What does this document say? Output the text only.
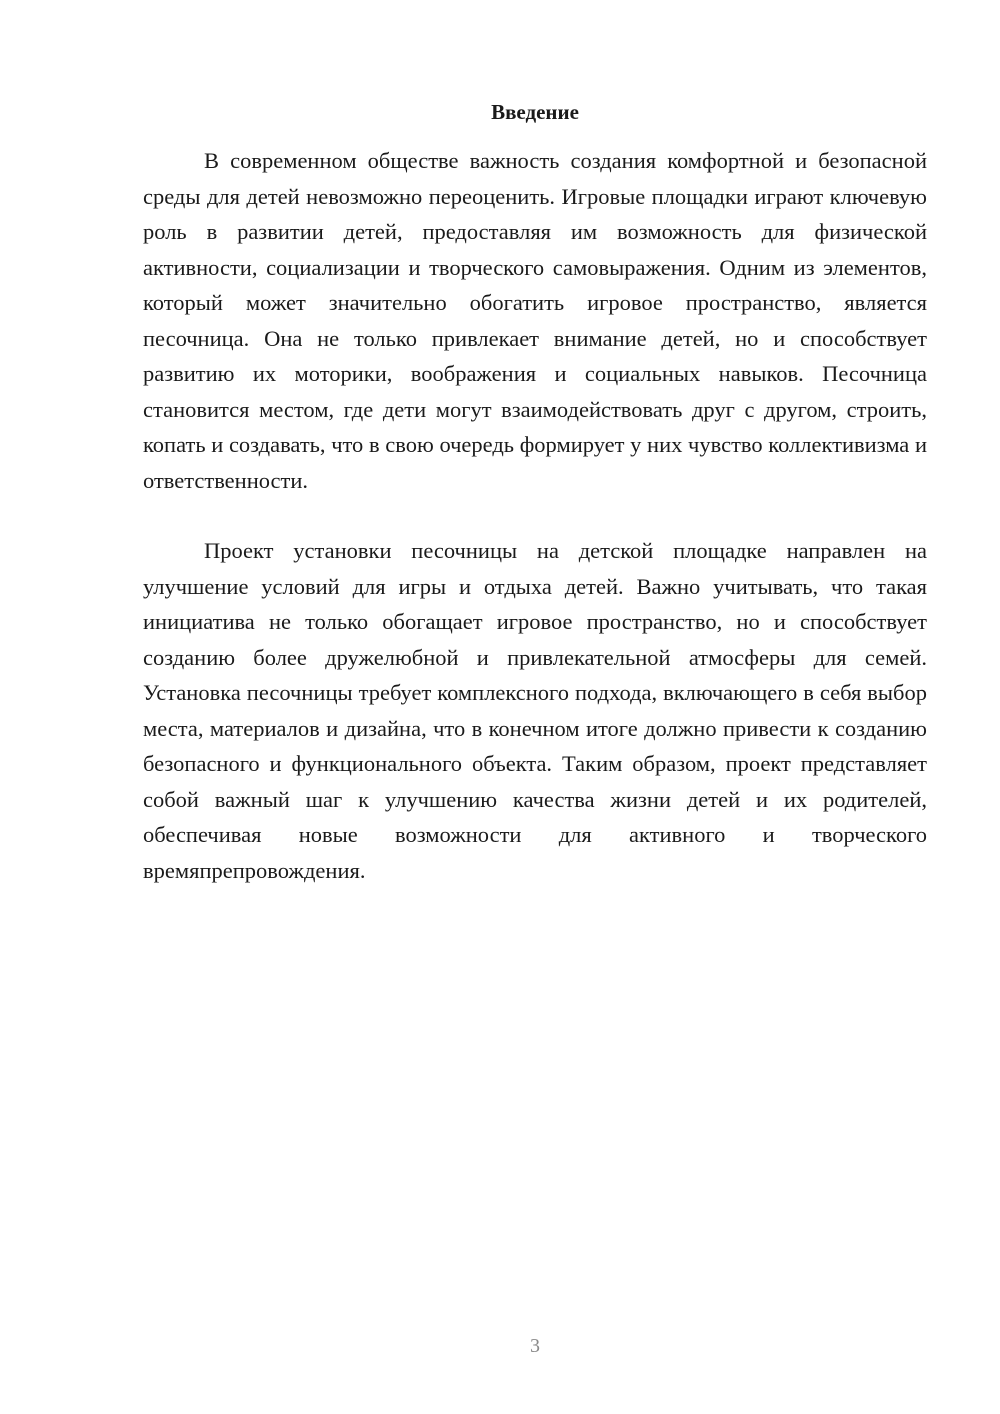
Введение

В современном обществе важность создания комфортной и безопасной среды для детей невозможно переоценить. Игровые площадки играют ключевую роль в развитии детей, предоставляя им возможность для физической активности, социализации и творческого самовыражения. Одним из элементов, который может значительно обогатить игровое пространство, является песочница. Она не только привлекает внимание детей, но и способствует развитию их моторики, воображения и социальных навыков. Песочница становится местом, где дети могут взаимодействовать друг с другом, строить, копать и создавать, что в свою очередь формирует у них чувство коллективизма и ответственности.

Проект установки песочницы на детской площадке направлен на улучшение условий для игры и отдыха детей. Важно учитывать, что такая инициатива не только обогащает игровое пространство, но и способствует созданию более дружелюбной и привлекательной атмосферы для семей. Установка песочницы требует комплексного подхода, включающего в себя выбор места, материалов и дизайна, что в конечном итоге должно привести к созданию безопасного и функционального объекта. Таким образом, проект представляет собой важный шаг к улучшению качества жизни детей и их родителей, обеспечивая новые возможности для активного и творческого времяпрепровождения.

3
